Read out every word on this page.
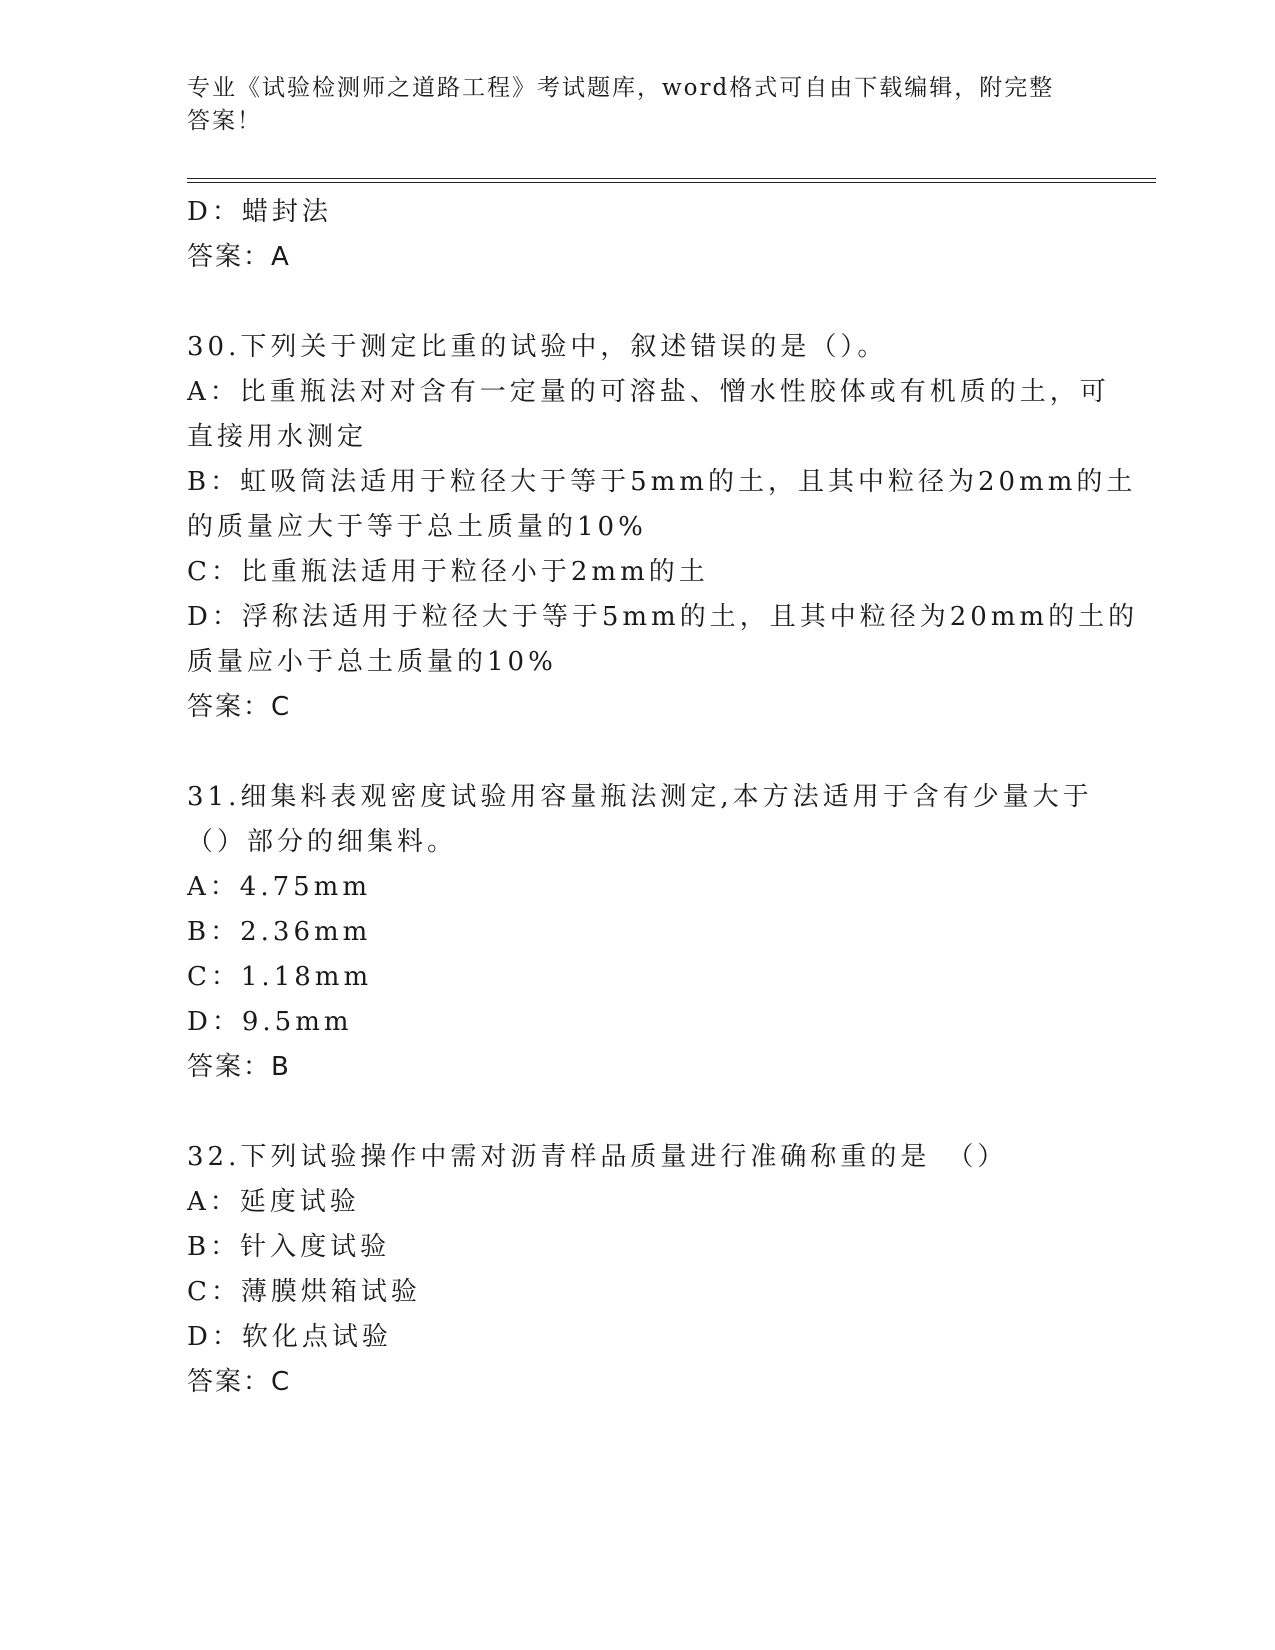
专业《试验检测师之道路工程》考试题库，word格式可自由下载编辑，附完整答案！
D：蜡封法
答案：A
30.下列关于测定比重的试验中，叙述错误的是（）。
A：比重瓶法对对含有一定量的可溶盐、憎水性胶体或有机质的土，可
直接用水测定
B：虹吸筒法适用于粒径大于等于5mm的土，且其中粒径为20mm的土
的质量应大于等于总土质量的10%
C：比重瓶法适用于粒径小于2mm的土
D：浮称法适用于粒径大于等于5mm的土，且其中粒径为20mm的土的
质量应小于总土质量的10%
答案：C
31.细集料表观密度试验用容量瓶法测定,本方法适用于含有少量大于
（）部分的细集料。
A：4.75mm
B：2.36mm
C：1.18mm
D：9.5mm
答案：B
32.下列试验操作中需对沥青样品质量进行准确称重的是　（）
A：延度试验
B：针入度试验
C：薄膜烘箱试验
D：软化点试验
答案：C
